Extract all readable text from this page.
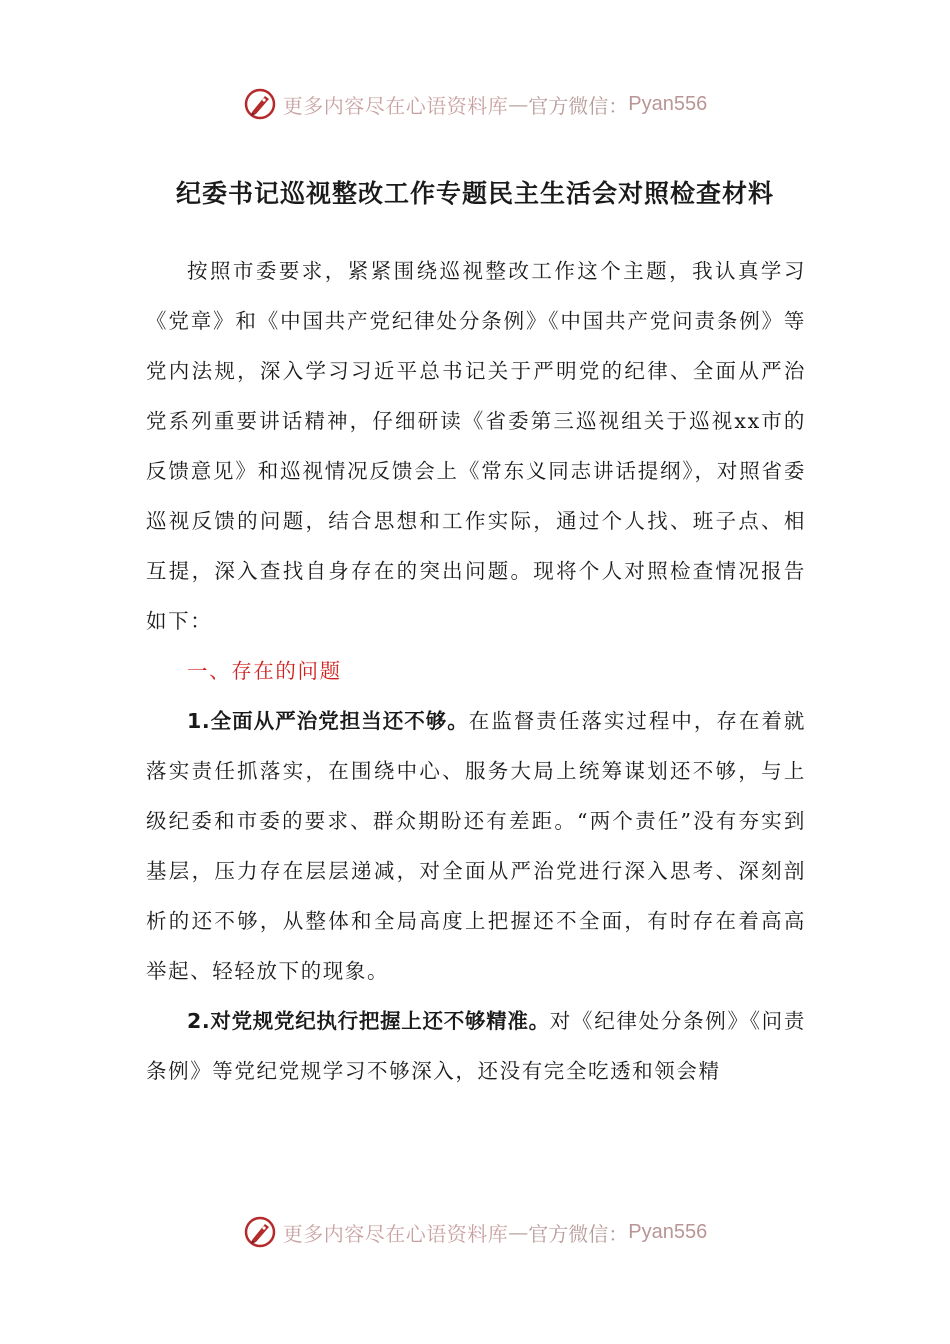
更多内容尽在心语资料库 — 官方微信： Pyan556
纪委书记巡视整改工作专题民主生活会对照检查材料

按照市委要求，紧紧围绕巡视整改工作这个主题，我认真学习《党章》和《中国共产党纪律处分条例》《中国共产党问责条例》等党内法规，深入学习习近平总书记关于严明党的纪律、全面从严治党系列重要讲话精神，仔细研读《省委第三巡视组关于巡视xx市的反馈意见》和巡视情况反馈会上《常东义同志讲话提纲》，对照省委巡视反馈的问题，结合思想和工作实际，通过个人找、班子点、相互提，深入查找自身存在的突出问题。现将个人对照检查情况报告如下：

一、存在的问题

1.全面从严治党担当还不够。在监督责任落实过程中，存在着就落实责任抓落实，在围绕中心、服务大局上统筹谋划还不够，与上级纪委和市委的要求、群众期盼还有差距。“两个责任”没有夯实到基层，压力存在层层递减，对全面从严治党进行深入思考、深刻剖析的还不够，从整体和全局高度上把握还不全面，有时存在着高高举起、轻轻放下的现象。

2.对党规党纪执行把握上还不够精准。对《纪律处分条例》《问责条例》等党纪党规学习不够深入，还没有完全吃透和领会精

更多内容尽在心语资料库 — 官方微信： Pyan556
